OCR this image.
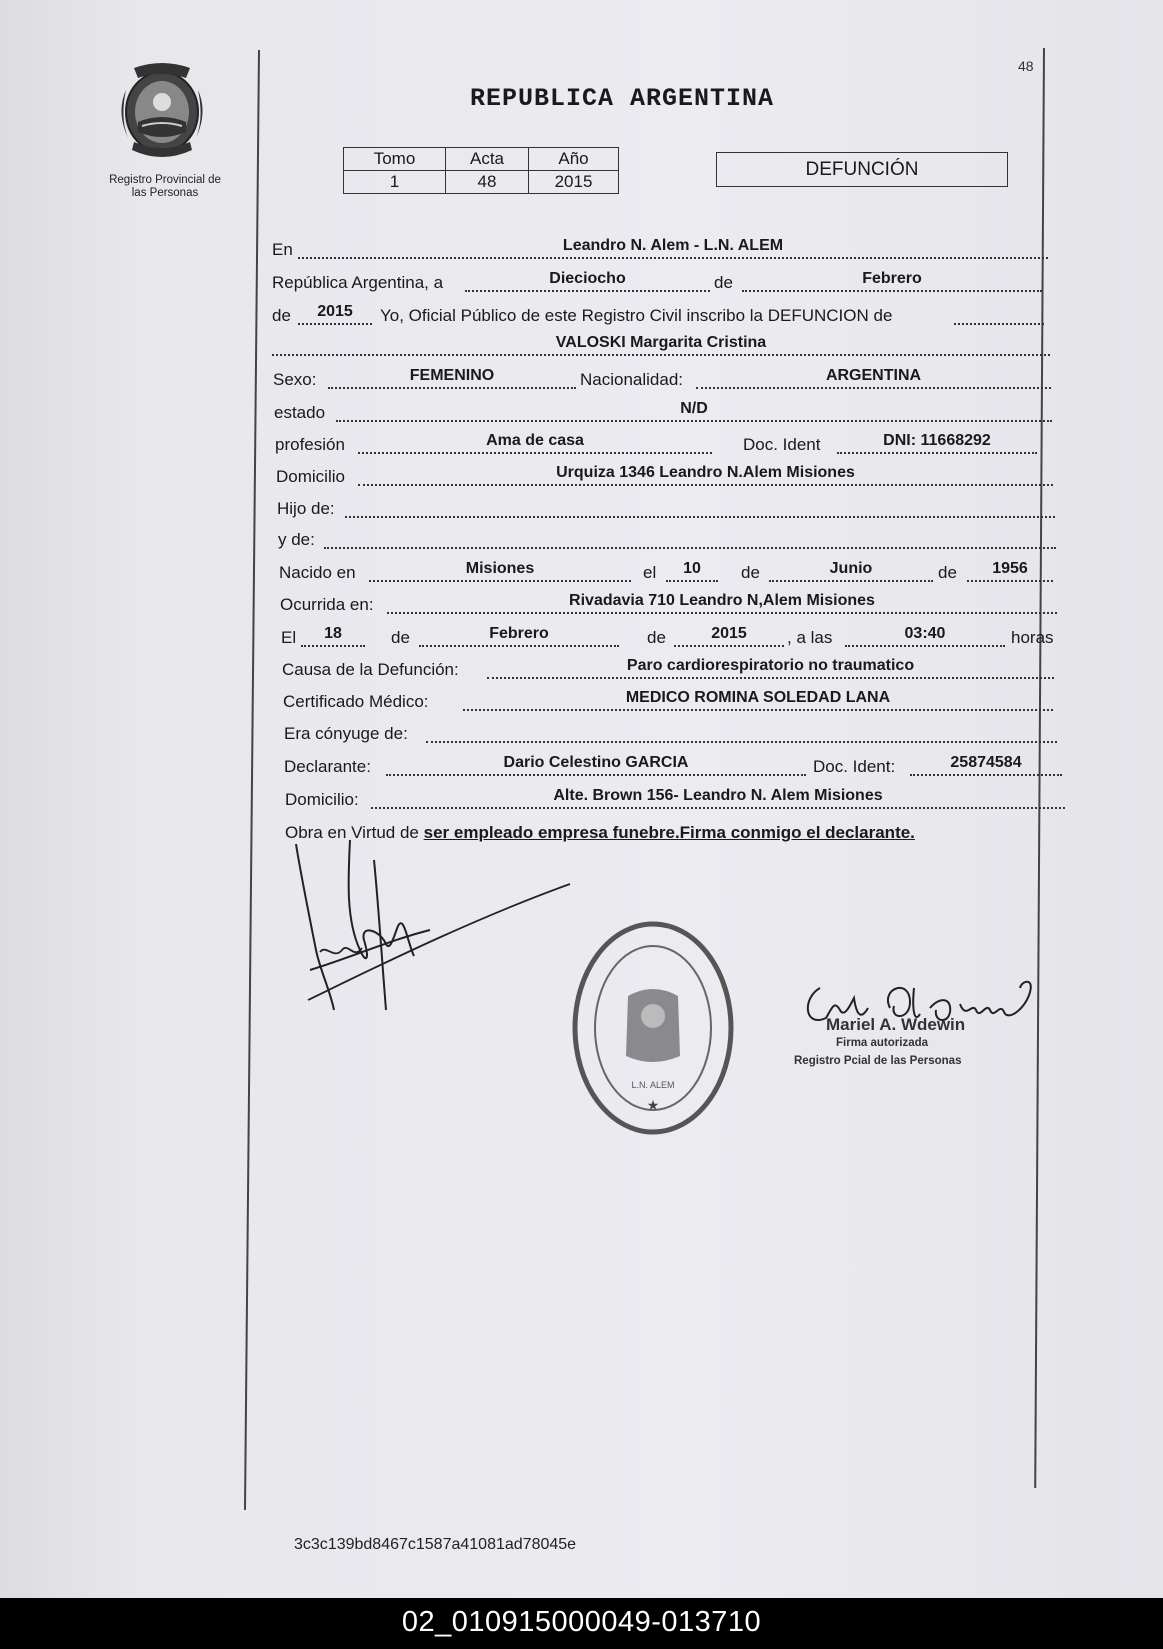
Registro Provincial de
las Personas
REPUBLICA ARGENTINA
48
Tomo	Acta	Año
1	48	2015
DEFUNCIÓN
En	Leandro N. Alem - L.N. ALEM
República Argentina, a	Dieciocho	de	Febrero
de	2015	Yo, Oficial Público de este Registro Civil inscribo la DEFUNCION de
VALOSKI Margarita Cristina
Sexo:	FEMENINO	Nacionalidad:	ARGENTINA
estado	N/D
profesión	Ama de casa	Doc. Ident	DNI: 11668292
Domicilio	Urquiza 1346 Leandro N.Alem Misiones
Hijo de:
y de:
Nacido en	Misiones	el	10	de	Junio	de	1956
Ocurrida en:	Rivadavia 710 Leandro N,Alem Misiones
El	18	de	Febrero	de	2015	, a las	03:40	horas
Causa de la Defunción:	Paro cardiorespiratorio no traumatico
Certificado Médico:	MEDICO ROMINA SOLEDAD LANA
Era cónyuge de:
Declarante:	Dario Celestino GARCIA	Doc. Ident:	25874584
Domicilio:	Alte. Brown 156- Leandro N. Alem Misiones
Obra en Virtud de ser empleado empresa funebre.Firma conmigo el declarante.
★
L.N. ALEM
Mariel A. Wdewin
Firma autorizada
Registro Pcial de las Personas
3c3c139bd8467c1587a41081ad78045e
02_010915000049-013710
